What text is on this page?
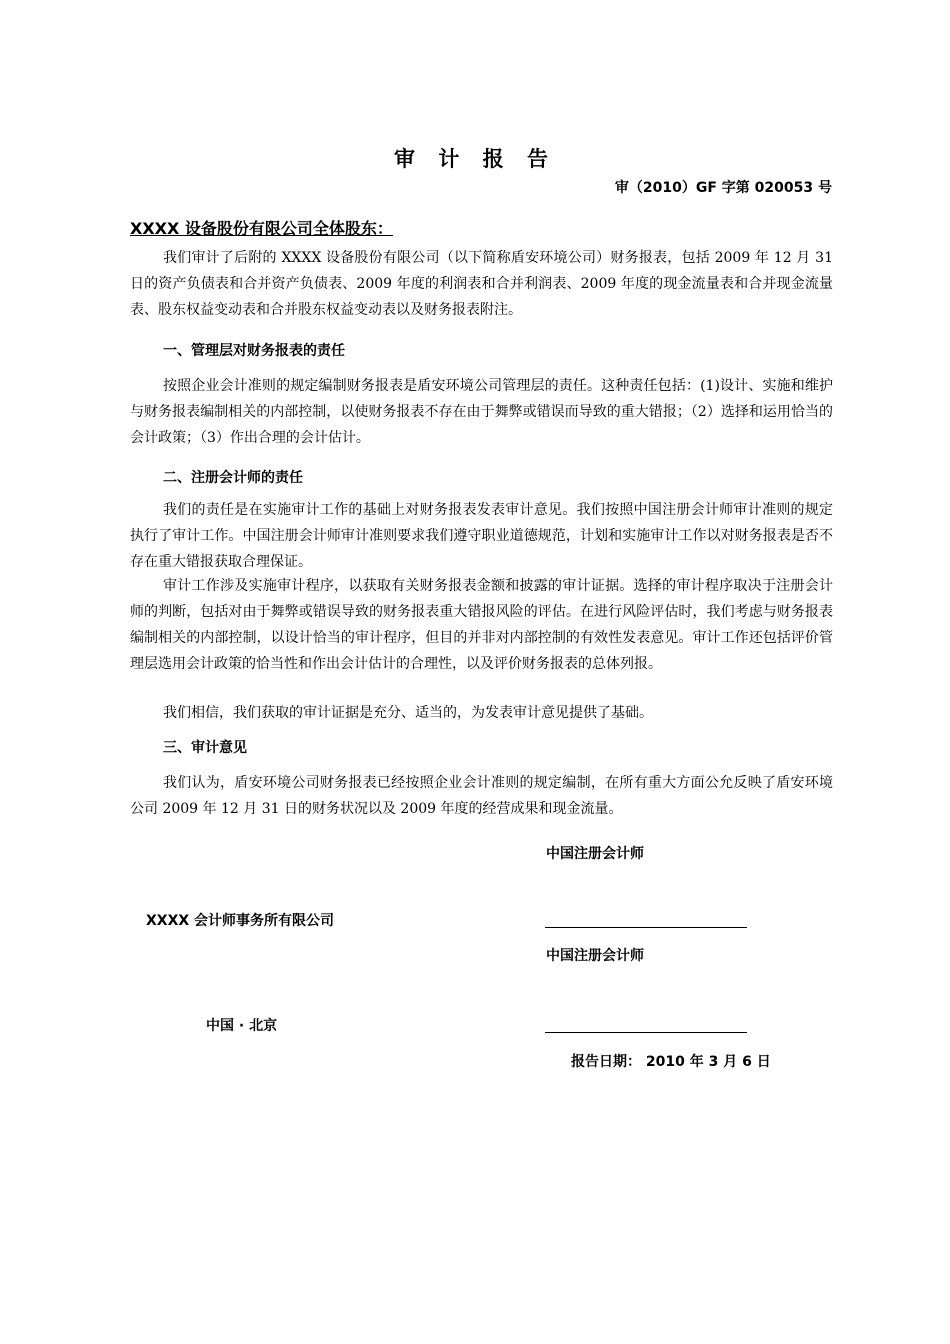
审 计 报 告
审（2010）GF 字第 020053 号
XXXX 设备股份有限公司全体股东：

我们审计了后附的 XXXX 设备股份有限公司（以下简称盾安环境公司）财务报表，包括 2009 年 12 月 31 日的资产负债表和合并资产负债表、2009 年度的利润表和合并利润表、2009 年度的现金流量表和合并现金流量表、股东权益变动表和合并股东权益变动表以及财务报表附注。

一、管理层对财务报表的责任

按照企业会计准则的规定编制财务报表是盾安环境公司管理层的责任。这种责任包括：(1)设计、实施和维护与财务报表编制相关的内部控制，以使财务报表不存在由于舞弊或错误而导致的重大错报；（2）选择和运用恰当的会计政策；（3）作出合理的会计估计。

二、注册会计师的责任

我们的责任是在实施审计工作的基础上对财务报表发表审计意见。我们按照中国注册会计师审计准则的规定执行了审计工作。中国注册会计师审计准则要求我们遵守职业道德规范，计划和实施审计工作以对财务报表是否不存在重大错报获取合理保证。

审计工作涉及实施审计程序，以获取有关财务报表金额和披露的审计证据。选择的审计程序取决于注册会计师的判断，包括对由于舞弊或错误导致的财务报表重大错报风险的评估。在进行风险评估时，我们考虑与财务报表编制相关的内部控制，以设计恰当的审计程序，但目的并非对内部控制的有效性发表意见。审计工作还包括评价管理层选用会计政策的恰当性和作出会计估计的合理性，以及评价财务报表的总体列报。

我们相信，我们获取的审计证据是充分、适当的，为发表审计意见提供了基础。

三、审计意见

我们认为，盾安环境公司财务报表已经按照企业会计准则的规定编制，在所有重大方面公允反映了盾安环境公司 2009 年 12 月 31 日的财务状况以及 2009 年度的经营成果和现金流量。

中国注册会计师
XXXX 会计师事务所有限公司
中国注册会计师
中国 · 北京
报告日期： 2010 年 3 月 6 日
